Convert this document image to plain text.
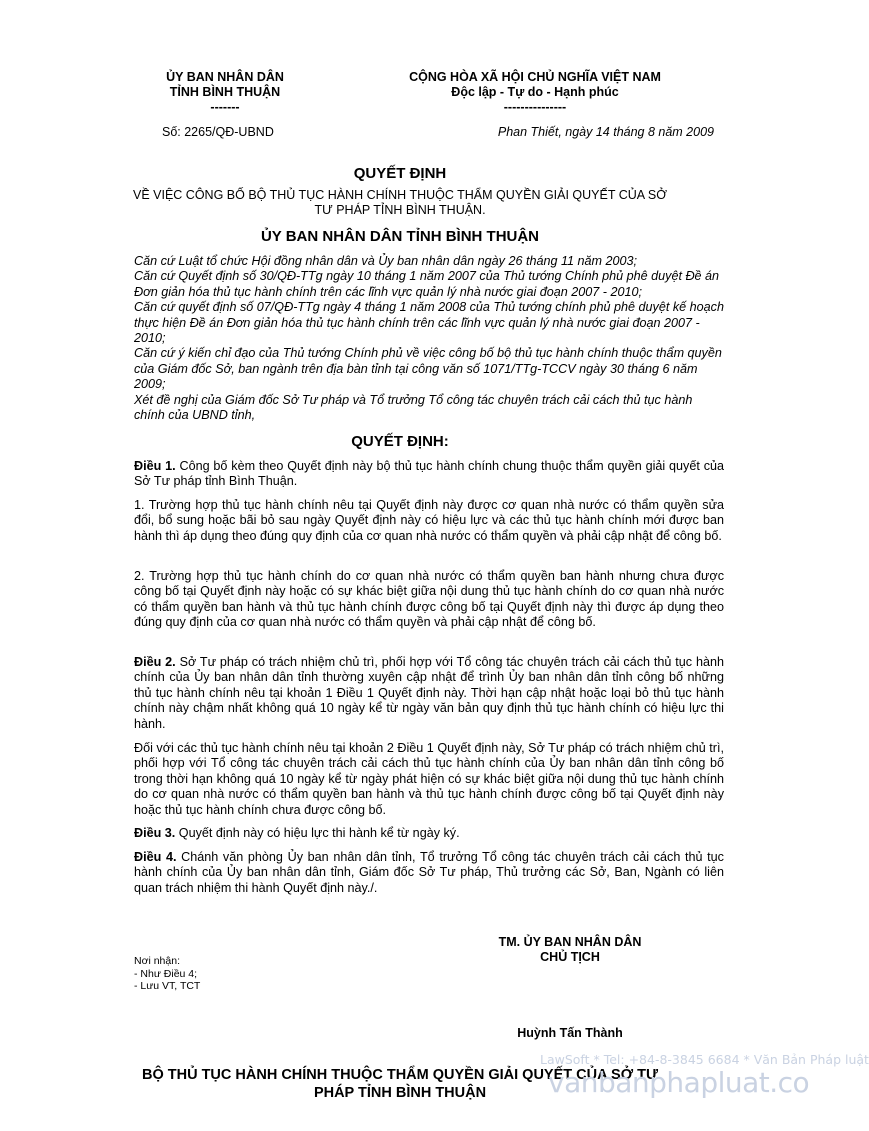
ỦY BAN NHÂN DÂN
TỈNH BÌNH THUẬN
-------
CỘNG HÒA XÃ HỘI CHỦ NGHĨA VIỆT NAM
Độc lập - Tự do - Hạnh phúc
---------------
Số: 2265/QĐ-UBND	Phan Thiết, ngày 14 tháng 8 năm 2009
QUYẾT ĐỊNH
VỀ VIỆC CÔNG BỐ BỘ THỦ TỤC HÀNH CHÍNH THUỘC THẨM QUYỀN GIẢI QUYẾT CỦA SỞ
TƯ PHÁP TỈNH BÌNH THUẬN.
ỦY BAN NHÂN DÂN TỈNH BÌNH THUẬN
Căn cứ Luật tổ chức Hội đồng nhân dân và Ủy ban nhân dân ngày 26 tháng 11 năm 2003;
Căn cứ Quyết định số 30/QĐ-TTg ngày 10 tháng 1 năm 2007 của Thủ tướng Chính phủ phê duyệt Đề án Đơn giản hóa thủ tục hành chính trên các lĩnh vực quản lý nhà nước giai đoạn 2007 - 2010;
Căn cứ quyết định số 07/QĐ-TTg ngày 4 tháng 1 năm 2008 của Thủ tướng chính phủ phê duyệt kế hoạch thực hiện Đề án Đơn giản hóa thủ tục hành chính trên các lĩnh vực quản lý nhà nước giai đoạn 2007 - 2010;
Căn cứ ý kiến chỉ đạo của Thủ tướng Chính phủ về việc công bố bộ thủ tục hành chính thuộc thẩm quyền của Giám đốc Sở, ban ngành trên địa bàn tỉnh tại công văn số 1071/TTg-TCCV ngày 30 tháng 6 năm 2009;
Xét đề nghị của Giám đốc Sở Tư pháp và Tổ trưởng Tổ công tác chuyên trách cải cách thủ tục hành chính của UBND tỉnh,
QUYẾT ĐỊNH:
Điều 1. Công bố kèm theo Quyết định này bộ thủ tục hành chính chung thuộc thẩm quyền giải quyết của Sở Tư pháp tỉnh Bình Thuận.
1. Trường hợp thủ tục hành chính nêu tại Quyết định này được cơ quan nhà nước có thẩm quyền sửa đổi, bổ sung hoặc bãi bỏ sau ngày Quyết định này có hiệu lực và các thủ tục hành chính mới được ban hành thì áp dụng theo đúng quy định của cơ quan nhà nước có thẩm quyền và phải cập nhật để công bố.
2. Trường hợp thủ tục hành chính do cơ quan nhà nước có thẩm quyền ban hành nhưng chưa được công bố tại Quyết định này hoặc có sự khác biệt giữa nội dung thủ tục hành chính do cơ quan nhà nước có thẩm quyền ban hành và thủ tục hành chính được công bố tại Quyết định này thì được áp dụng theo đúng quy định của cơ quan nhà nước có thẩm quyền và phải cập nhật để công bố.
Điều 2. Sở Tư pháp có trách nhiệm chủ trì, phối hợp với Tổ công tác chuyên trách cải cách thủ tục hành chính của Ủy ban nhân dân tỉnh thường xuyên cập nhật để trình Ủy ban nhân dân tỉnh công bố những thủ tục hành chính nêu tại khoản 1 Điều 1 Quyết định này. Thời hạn cập nhật hoặc loại bỏ thủ tục hành chính này chậm nhất không quá 10 ngày kể từ ngày văn bản quy định thủ tục hành chính có hiệu lực thi hành.
Đối với các thủ tục hành chính nêu tại khoản 2 Điều 1 Quyết định này, Sở Tư pháp có trách nhiệm chủ trì, phối hợp với Tổ công tác chuyên trách cải cách thủ tục hành chính của Ủy ban nhân dân tỉnh công bố trong thời hạn không quá 10 ngày kể từ ngày phát hiện có sự khác biệt giữa nội dung thủ tục hành chính do cơ quan nhà nước có thẩm quyền ban hành và thủ tục hành chính được công bố tại Quyết định này hoặc thủ tục hành chính chưa được công bố.
Điều 3. Quyết định này có hiệu lực thi hành kể từ ngày ký.
Điều 4. Chánh văn phòng Ủy ban nhân dân tỉnh, Tổ trưởng Tổ công tác chuyên trách cải cách thủ tục hành chính của Ủy ban nhân dân tỉnh, Giám đốc Sở Tư pháp, Thủ trưởng các Sở, Ban, Ngành có liên quan trách nhiệm thi hành Quyết định này./.
Nơi nhận:
- Như Điều 4;
- Lưu VT, TCT
TM. ỦY BAN NHÂN DÂN
CHỦ TỊCH
Huỳnh Tấn Thành
LawSoft * Tel: +84-8-3845 6684 * Văn Bản Pháp luật
BỘ THỦ TỤC HÀNH CHÍNH THUỘC THẨM QUYỀN GIẢI QUYẾT CỦA SỞ TƯ
PHÁP TỈNH BÌNH THUẬN	vanbanphapluat.co
